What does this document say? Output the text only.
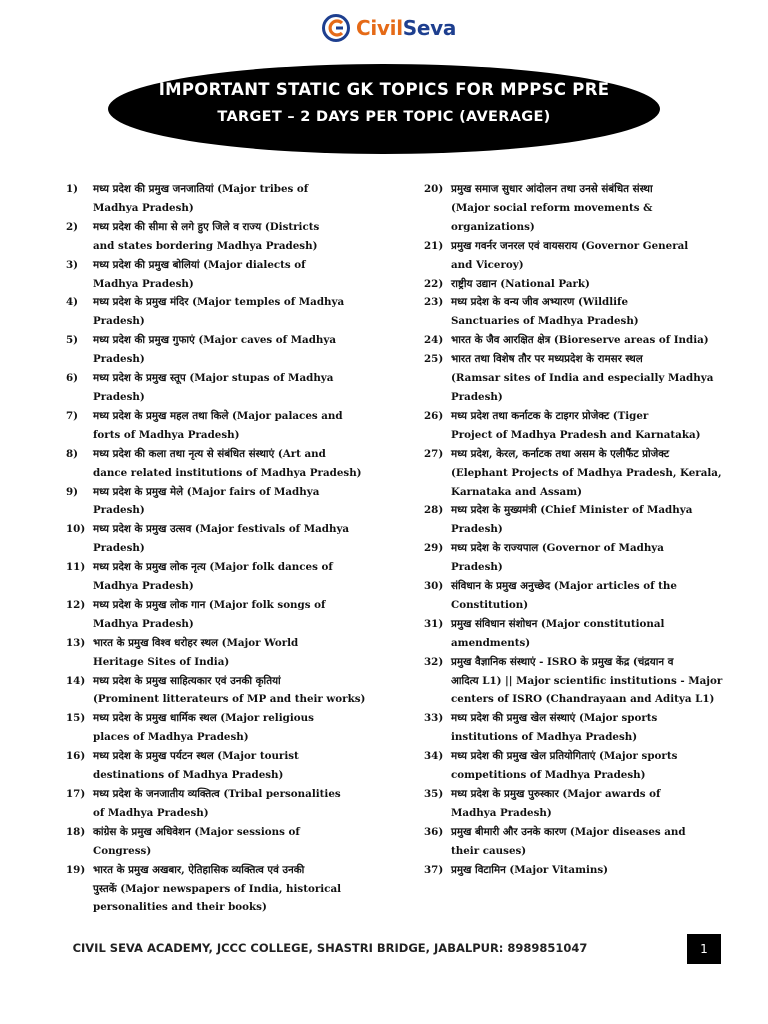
CivilSeva
IMPORTANT STATIC GK TOPICS FOR MPPSC PRE
TARGET – 2 DAYS PER TOPIC (AVERAGE)
1)	मध्य प्रदेश की प्रमुख जनजातियां (Major tribes of
Madhya Pradesh)
2)	मध्य प्रदेश की सीमा से लगे हुए जिले व राज्य (Districts
and states bordering Madhya Pradesh)
3)	मध्य प्रदेश की प्रमुख बोलियां (Major dialects of
Madhya Pradesh)
4)	मध्य प्रदेश के प्रमुख मंदिर (Major temples of Madhya
Pradesh)
5)	मध्य प्रदेश की प्रमुख गुफाएं (Major caves of Madhya
Pradesh)
6)	मध्य प्रदेश के प्रमुख स्तूप (Major stupas of Madhya
Pradesh)
7)	मध्य प्रदेश के प्रमुख महल तथा किले (Major palaces and
forts of Madhya Pradesh)
8)	मध्य प्रदेश की कला तथा नृत्य से संबंधित संस्थाएं (Art and
dance related institutions of Madhya Pradesh)
9)	मध्य प्रदेश के प्रमुख मेले (Major fairs of Madhya
Pradesh)
10) मध्य प्रदेश के प्रमुख उत्सव (Major festivals of Madhya
Pradesh)
11) मध्य प्रदेश के प्रमुख लोक नृत्य (Major folk dances of
Madhya Pradesh)
12) मध्य प्रदेश के प्रमुख लोक गान (Major folk songs of
Madhya Pradesh)
13) भारत के प्रमुख विश्व धरोहर स्थल (Major World
Heritage Sites of India)
14) मध्य प्रदेश के प्रमुख साहित्यकार एवं उनकी कृतियां
(Prominent litterateurs of MP and their works)
15) मध्य प्रदेश के प्रमुख धार्मिक स्थल (Major religious
places of Madhya Pradesh)
16) मध्य प्रदेश के प्रमुख पर्यटन स्थल (Major tourist
destinations of Madhya Pradesh)
17) मध्य प्रदेश के जनजातीय व्यक्तित्व (Tribal personalities
of Madhya Pradesh)
18) कांग्रेस के प्रमुख अधिवेशन (Major sessions of
Congress)
19) भारत के प्रमुख अखबार, ऐतिहासिक व्यक्तित्व एवं उनकी
पुस्तकें (Major newspapers of India, historical
personalities and their books)
20) प्रमुख समाज सुधार आंदोलन तथा उनसे संबंधित संस्था
(Major social reform movements & organizations)
21) प्रमुख गवर्नर जनरल एवं वायसराय (Governor General
and Viceroy)
22) राष्ट्रीय उद्यान (National Park)
23) मध्य प्रदेश के वन्य जीव अभ्यारण (Wildlife
Sanctuaries of Madhya Pradesh)
24) भारत के जैव आरक्षित क्षेत्र (Bioreserve areas of India)
25) भारत तथा विशेष तौर पर मध्यप्रदेश के रामसर स्थल
(Ramsar sites of India and especially Madhya
Pradesh)
26) मध्य प्रदेश तथा कर्नाटक के टाइगर प्रोजेक्ट (Tiger
Project of Madhya Pradesh and Karnataka)
27) मध्य प्रदेश, केरल, कर्नाटक तथा असम के एलीफैंट प्रोजेक्ट
(Elephant Projects of Madhya Pradesh, Kerala,
Karnataka and Assam)
28) मध्य प्रदेश के मुख्यमंत्री (Chief Minister of Madhya
Pradesh)
29) मध्य प्रदेश के राज्यपाल (Governor of Madhya
Pradesh)
30) संविधान के प्रमुख अनुच्छेद (Major articles of the
Constitution)
31) प्रमुख संविधान संशोधन (Major constitutional
amendments)
32) प्रमुख वैज्ञानिक संस्थाएं - ISRO के प्रमुख केंद्र (चंद्रयान व
आदित्य L1) || Major scientific institutions - Major
centers of ISRO (Chandrayaan and Aditya L1)
33) मध्य प्रदेश की प्रमुख खेल संस्थाएं (Major sports
institutions of Madhya Pradesh)
34) मध्य प्रदेश की प्रमुख खेल प्रतियोगिताएं (Major sports
competitions of Madhya Pradesh)
35) मध्य प्रदेश के प्रमुख पुरुस्कार (Major awards of
Madhya Pradesh)
36) प्रमुख बीमारी और उनके कारण (Major diseases and
their causes)
37) प्रमुख विटामिन (Major Vitamins)
CIVIL SEVA ACADEMY, JCCC COLLEGE, SHASTRI BRIDGE, JABALPUR: 8989851047	1
